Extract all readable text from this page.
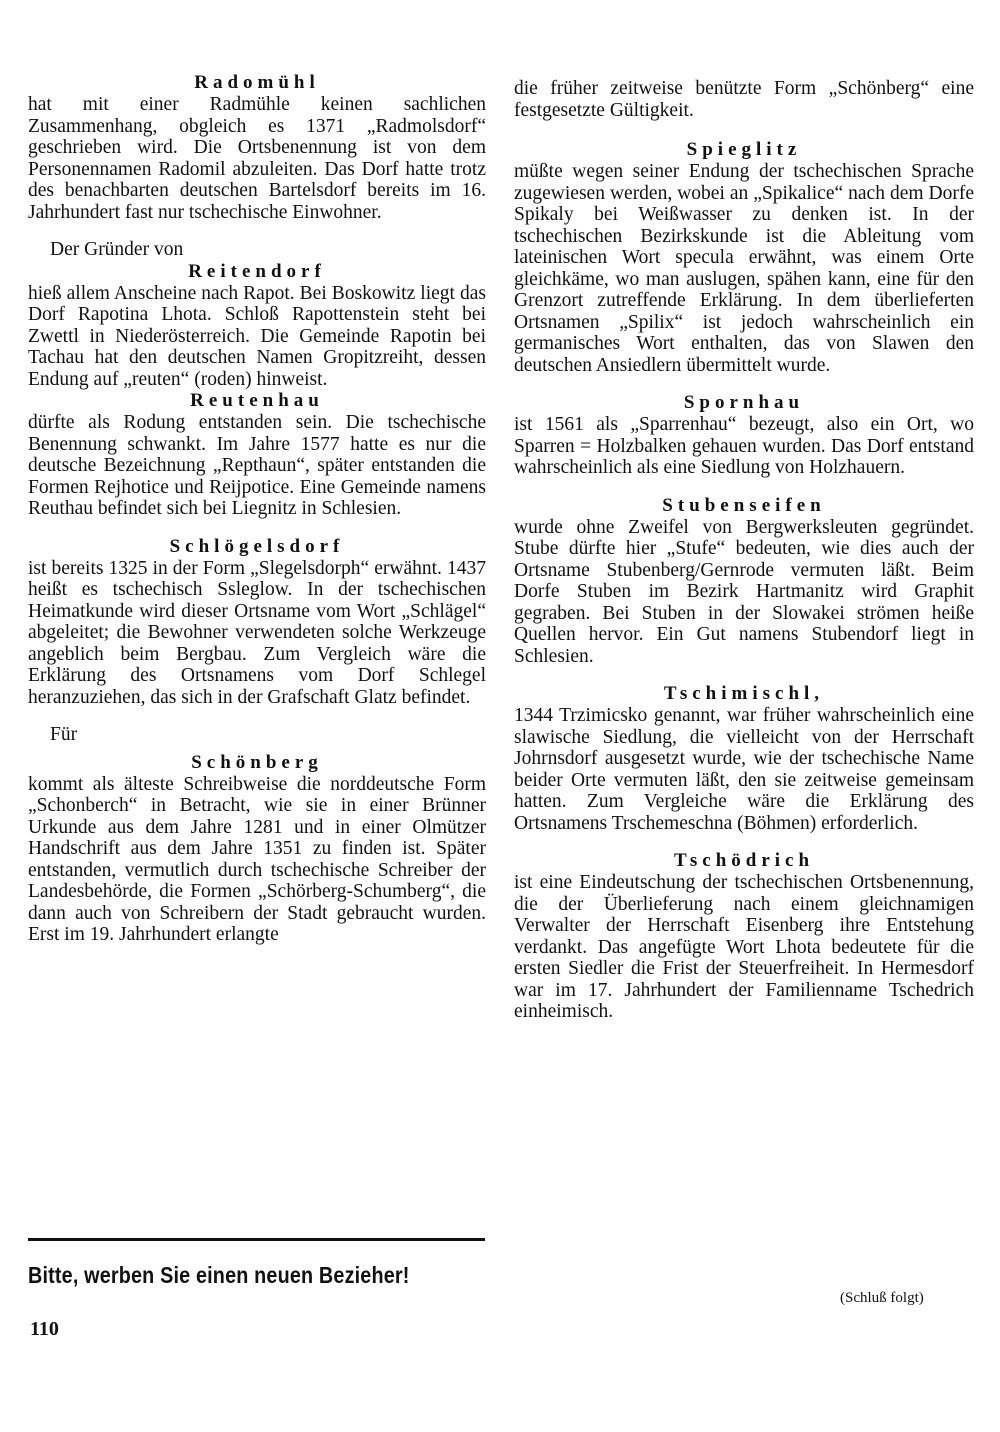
Radomühl

hat mit einer Radmühle keinen sachlichen Zusammenhang, obgleich es 1371 „Radmolsdorf“ geschrieben wird. Die Ortsbenennung ist von dem Personennamen Radomil abzuleiten. Das Dorf hatte trotz des benachbarten deutschen Bartelsdorf bereits im 16. Jahrhundert fast nur tschechische Einwohner.

Der Gründer von

Reitendorf

hieß allem Anscheine nach Rapot. Bei Boskowitz liegt das Dorf Rapotina Lhota. Schloß Rapottenstein steht bei Zwettl in Niederösterreich. Die Gemeinde Rapotin bei Tachau hat den deutschen Namen Gropitzreiht, dessen Endung auf „reuten“ (roden) hinweist.

Reutenhau

dürfte als Rodung entstanden sein. Die tschechische Benennung schwankt. Im Jahre 1577 hatte es nur die deutsche Bezeichnung „Repthaun“, später entstanden die Formen Rejhotice und Reijpotice. Eine Gemeinde namens Reuthau befindet sich bei Liegnitz in Schlesien.

Schlögelsdorf

ist bereits 1325 in der Form „Slegelsdorph“ erwähnt. 1437 heißt es tschechisch Ssleglow. In der tschechischen Heimatkunde wird dieser Ortsname vom Wort „Schlägel“ abgeleitet; die Bewohner verwendeten solche Werkzeuge angeblich beim Bergbau. Zum Vergleich wäre die Erklärung des Ortsnamens vom Dorf Schlegel heranzuziehen, das sich in der Grafschaft Glatz befindet.

Für

Schönberg

kommt als älteste Schreibweise die norddeutsche Form „Schonberch“ in Betracht, wie sie in einer Brünner Urkunde aus dem Jahre 1281 und in einer Olmützer Handschrift aus dem Jahre 1351 zu finden ist. Später entstanden, vermutlich durch tschechische Schreiber der Landesbehörde, die Formen „Schörberg-Schumberg“, die dann auch von Schreibern der Stadt gebraucht wurden. Erst im 19. Jahrhundert erlangte

die früher zeitweise benützte Form „Schönberg“ eine festgesetzte Gültigkeit.

Spieglitz

müßte wegen seiner Endung der tschechischen Sprache zugewiesen werden, wobei an „Spikalice“ nach dem Dorfe Spikaly bei Weißwasser zu denken ist. In der tschechischen Bezirkskunde ist die Ableitung vom lateinischen Wort specula erwähnt, was einem Orte gleichkäme, wo man auslugen, spähen kann, eine für den Grenzort zutreffende Erklärung. In dem überlieferten Ortsnamen „Spilix“ ist jedoch wahrscheinlich ein germanisches Wort enthalten, das von Slawen den deutschen Ansiedlern übermittelt wurde.

Spornhau

ist 1561 als „Sparrenhau“ bezeugt, also ein Ort, wo Sparren = Holzbalken gehauen wurden. Das Dorf entstand wahrscheinlich als eine Siedlung von Holzhauern.

Stubenseifen

wurde ohne Zweifel von Bergwerksleuten gegründet. Stube dürfte hier „Stufe“ bedeuten, wie dies auch der Ortsname Stubenberg/Gernrode vermuten läßt. Beim Dorfe Stuben im Bezirk Hartmanitz wird Graphit gegraben. Bei Stuben in der Slowakei strömen heiße Quellen hervor. Ein Gut namens Stubendorf liegt in Schlesien.

Tschimischl,

1344 Trzimicsko genannt, war früher wahrscheinlich eine slawische Siedlung, die vielleicht von der Herrschaft Johrnsdorf ausgesetzt wurde, wie der tschechische Name beider Orte vermuten läßt, den sie zeitweise gemeinsam hatten. Zum Vergleiche wäre die Erklärung des Ortsnamens Trschemeschna (Böhmen) erforderlich.

Tschödrich

ist eine Eindeutschung der tschechischen Ortsbenennung, die der Überlieferung nach einem gleichnamigen Verwalter der Herrschaft Eisenberg ihre Entstehung verdankt. Das angefügte Wort Lhota bedeutete für die ersten Siedler die Frist der Steuerfreiheit. In Hermesdorf war im 17. Jahrhundert der Familienname Tschedrich einheimisch.

(Schluß folgt)
Bitte, werben Sie einen neuen Bezieher!
110
